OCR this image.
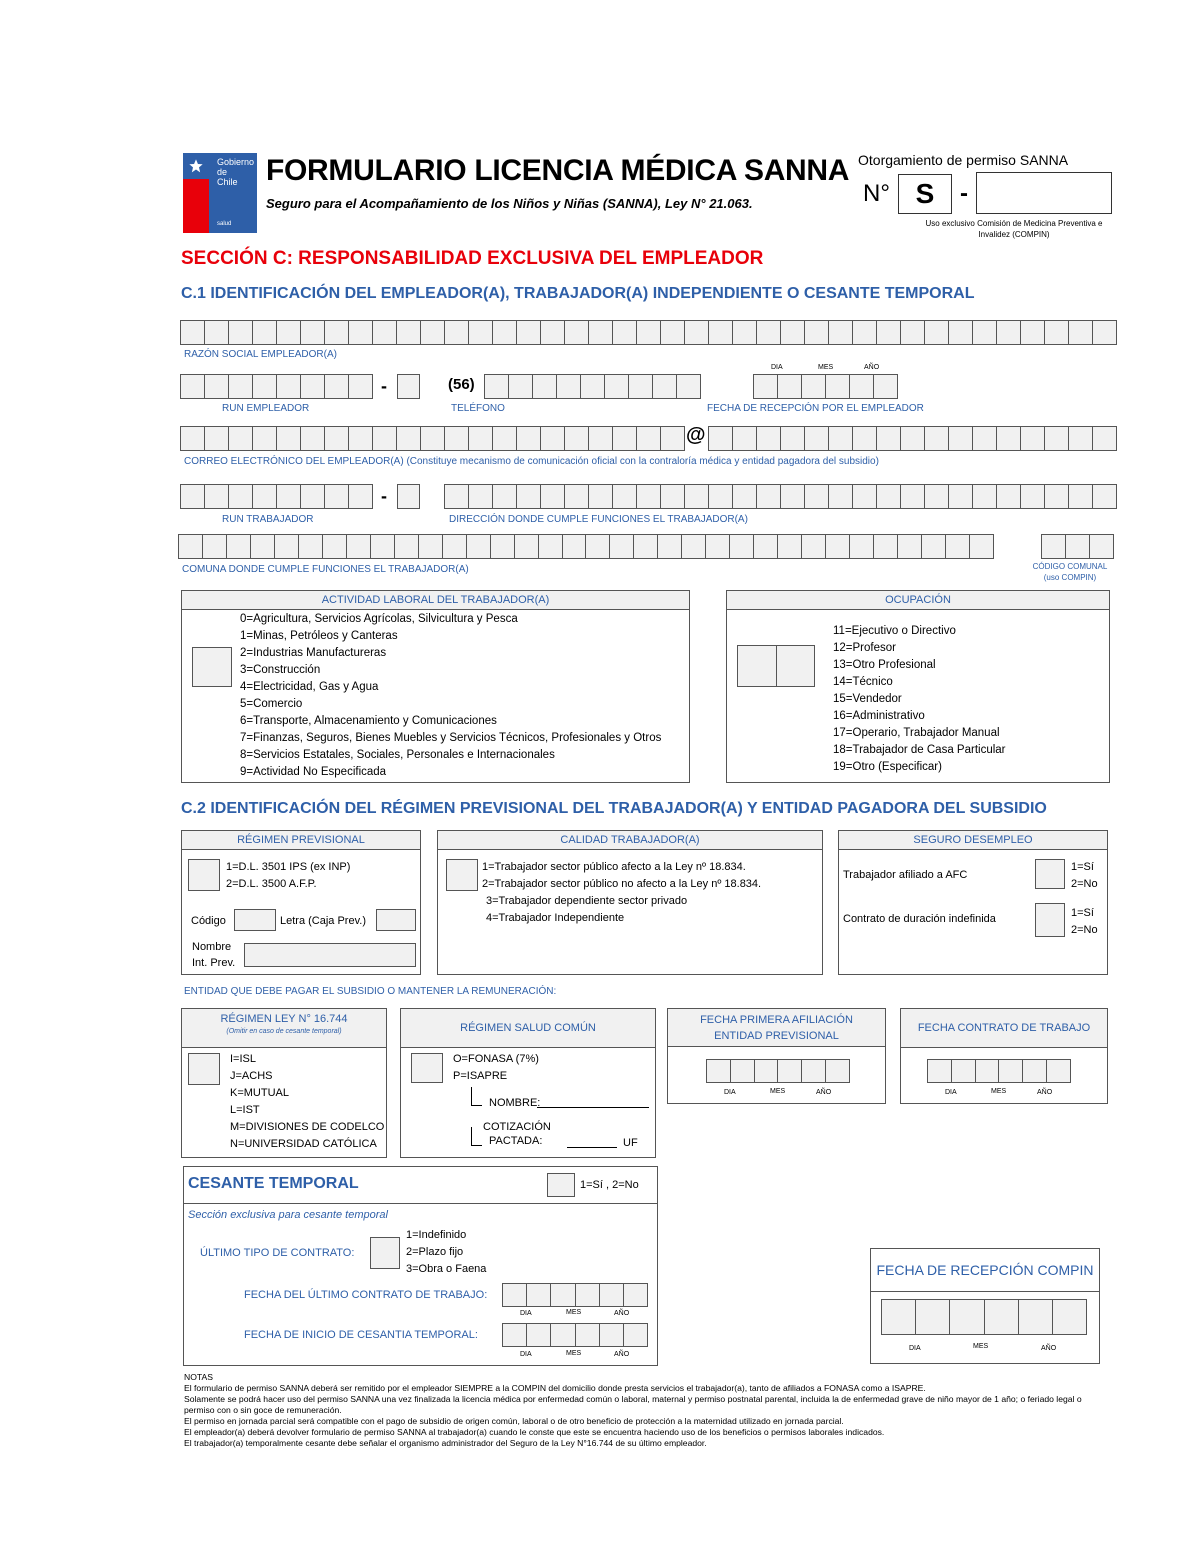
Gobierno de Chile
salud
FORMULARIO LICENCIA MÉDICA SANNA
Seguro para el Acompañamiento de los Niños y Niñas (SANNA), Ley N° 21.063.
Otorgamiento de permiso SANNA
N° S	-
Uso exclusivo Comisión de Medicina Preventiva e Invalidez (COMPIN)
SECCIÓN C: RESPONSABILIDAD EXCLUSIVA DEL EMPLEADOR
C.1 IDENTIFICACIÓN DEL EMPLEADOR(A), TRABAJADOR(A) INDEPENDIENTE O CESANTE TEMPORAL
RAZÓN SOCIAL EMPLEADOR(A)
-	(56)
DIA	MES	AÑO
RUN EMPLEADOR	TELÉFONO	FECHA DE RECEPCIÓN POR EL EMPLEADOR
@
CORREO ELECTRÓNICO DEL EMPLEADOR(A) (Constituye mecanismo de comunicación oficial con la contraloría médica y entidad pagadora del subsidio)
-
RUN TRABAJADOR	DIRECCIÓN DONDE CUMPLE FUNCIONES EL TRABAJADOR(A)
COMUNA DONDE CUMPLE FUNCIONES EL TRABAJADOR(A)	CÓDIGO COMUNAL
(uso COMPIN)
ACTIVIDAD LABORAL DEL TRABAJADOR(A)
0=Agricultura, Servicios Agrícolas, Silvicultura y Pesca
1=Minas, Petróleos y Canteras
2=Industrias Manufactureras
3=Construcción
4=Electricidad, Gas y Agua
5=Comercio
6=Transporte, Almacenamiento y Comunicaciones
7=Finanzas, Seguros, Bienes Muebles y Servicios Técnicos, Profesionales y Otros
8=Servicios Estatales, Sociales, Personales e Internacionales
9=Actividad No Especificada
OCUPACIÓN
11=Ejecutivo o Directivo
12=Profesor
13=Otro Profesional
14=Técnico
15=Vendedor
16=Administrativo
17=Operario, Trabajador Manual
18=Trabajador de Casa Particular
19=Otro (Especificar)
C.2 IDENTIFICACIÓN DEL RÉGIMEN PREVISIONAL DEL TRABAJADOR(A) Y ENTIDAD PAGADORA DEL SUBSIDIO
RÉGIMEN PREVISIONAL
1=D.L. 3501 IPS (ex INP)
2=D.L. 3500 A.F.P.
Código	Letra (Caja Prev.)
Nombre
Int. Prev.
CALIDAD TRABAJADOR(A)
1=Trabajador sector público afecto a la Ley nº 18.834.
2=Trabajador sector público no afecto a la Ley nº 18.834.
3=Trabajador dependiente sector privado
4=Trabajador Independiente
SEGURO DESEMPLEO
Trabajador afiliado a AFC
1=Sí
2=No
Contrato de duración indefinida	1=Sí
2=No
ENTIDAD QUE DEBE PAGAR EL SUBSIDIO O MANTENER LA REMUNERACIÓN:
RÉGIMEN LEY N° 16.744
(Omitir en caso de cesante temporal)
I=ISL
J=ACHS
K=MUTUAL
L=IST
M=DIVISIONES DE CODELCO
N=UNIVERSIDAD CATÓLICA
RÉGIMEN SALUD COMÚN
O=FONASA (7%)
P=ISAPRE
NOMBRE:
COTIZACIÓN
PACTADA:	UF
FECHA PRIMERA AFILIACIÓN ENTIDAD PREVISIONAL
DIA	MES	AÑO
FECHA CONTRATO DE TRABAJO
DIA	MES	AÑO
CESANTE TEMPORAL	1=Sí , 2=No
Sección exclusiva para cesante temporal
ÚLTIMO TIPO DE CONTRATO:
1=Indefinido
2=Plazo fijo
3=Obra o Faena
FECHA DEL ÚLTIMO CONTRATO DE TRABAJO:
DIA	MES	AÑO
FECHA DE INICIO DE CESANTIA TEMPORAL:
DIA	MES	AÑO
FECHA DE RECEPCIÓN COMPIN
DIA	MES	AÑO
NOTAS
El formulario de permiso SANNA deberá ser remitido por el empleador SIEMPRE a la COMPIN del domicilio donde presta servicios el trabajador(a), tanto de afiliados a FONASA como a ISAPRE.
Solamente se podrá hacer uso del permiso SANNA una vez finalizada la licencia médica por enfermedad común o laboral, maternal y permiso postnatal parental, incluida la de enfermedad grave de niño mayor de 1 año; o feriado legal o permiso con o sin goce de remuneración.
El permiso en jornada parcial será compatible con el pago de subsidio de origen común, laboral o de otro beneficio de protección a la maternidad utilizado en jornada parcial.
El empleador(a) deberá devolver formulario de permiso SANNA al trabajador(a) cuando le conste que este se encuentra haciendo uso de los beneficios o permisos laborales indicados.
El trabajador(a) temporalmente cesante debe señalar el organismo administrador del Seguro de la Ley N°16.744 de su último empleador.
